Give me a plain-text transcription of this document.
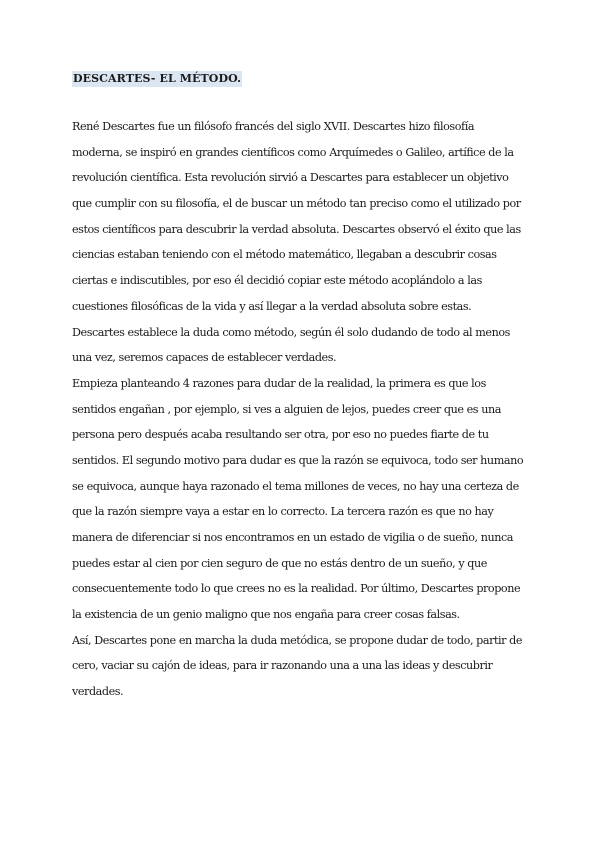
DESCARTES- EL MÉTODO.
René Descartes fue un filósofo francés del siglo XVII. Descartes hizo filosofía
moderna, se inspiró en grandes científicos como Arquímedes o Galileo, artífice de la
revolución científica. Esta revolución sirvió a Descartes para establecer un objetivo
que cumplir con su filosofía, el de buscar un método tan preciso como el utilizado por
estos científicos para descubrir la verdad absoluta. Descartes observó el éxito que las
ciencias estaban teniendo con el método matemático, llegaban a descubrir cosas
ciertas e indiscutibles, por eso él decidió copiar este método acoplándolo a las
cuestiones filosóficas de la vida y así llegar a la verdad absoluta sobre estas.
Descartes establece la duda como método, según él solo dudando de todo al menos
una vez, seremos capaces de establecer verdades.
Empieza planteando 4 razones para dudar de la realidad, la primera es que los
sentidos engañan , por ejemplo, si ves a alguien de lejos, puedes creer que es una
persona pero después acaba resultando ser otra, por eso no puedes fiarte de tu
sentidos. El segundo motivo para dudar es que la razón se equivoca, todo ser humano
se equivoca, aunque haya razonado el tema millones de veces, no hay una certeza de
que la razón siempre vaya a estar en lo correcto. La tercera razón es que no hay
manera de diferenciar si nos encontramos en un estado de vigilia o de sueño, nunca
puedes estar al cien por cien seguro de que no estás dentro de un sueño, y que
consecuentemente todo lo que crees no es la realidad. Por último, Descartes propone
la existencia de un genio maligno que nos engaña para creer cosas falsas.
Así, Descartes pone en marcha la duda metódica, se propone dudar de todo, partir de
cero, vaciar su cajón de ideas, para ir razonando una a una las ideas y descubrir
verdades.
